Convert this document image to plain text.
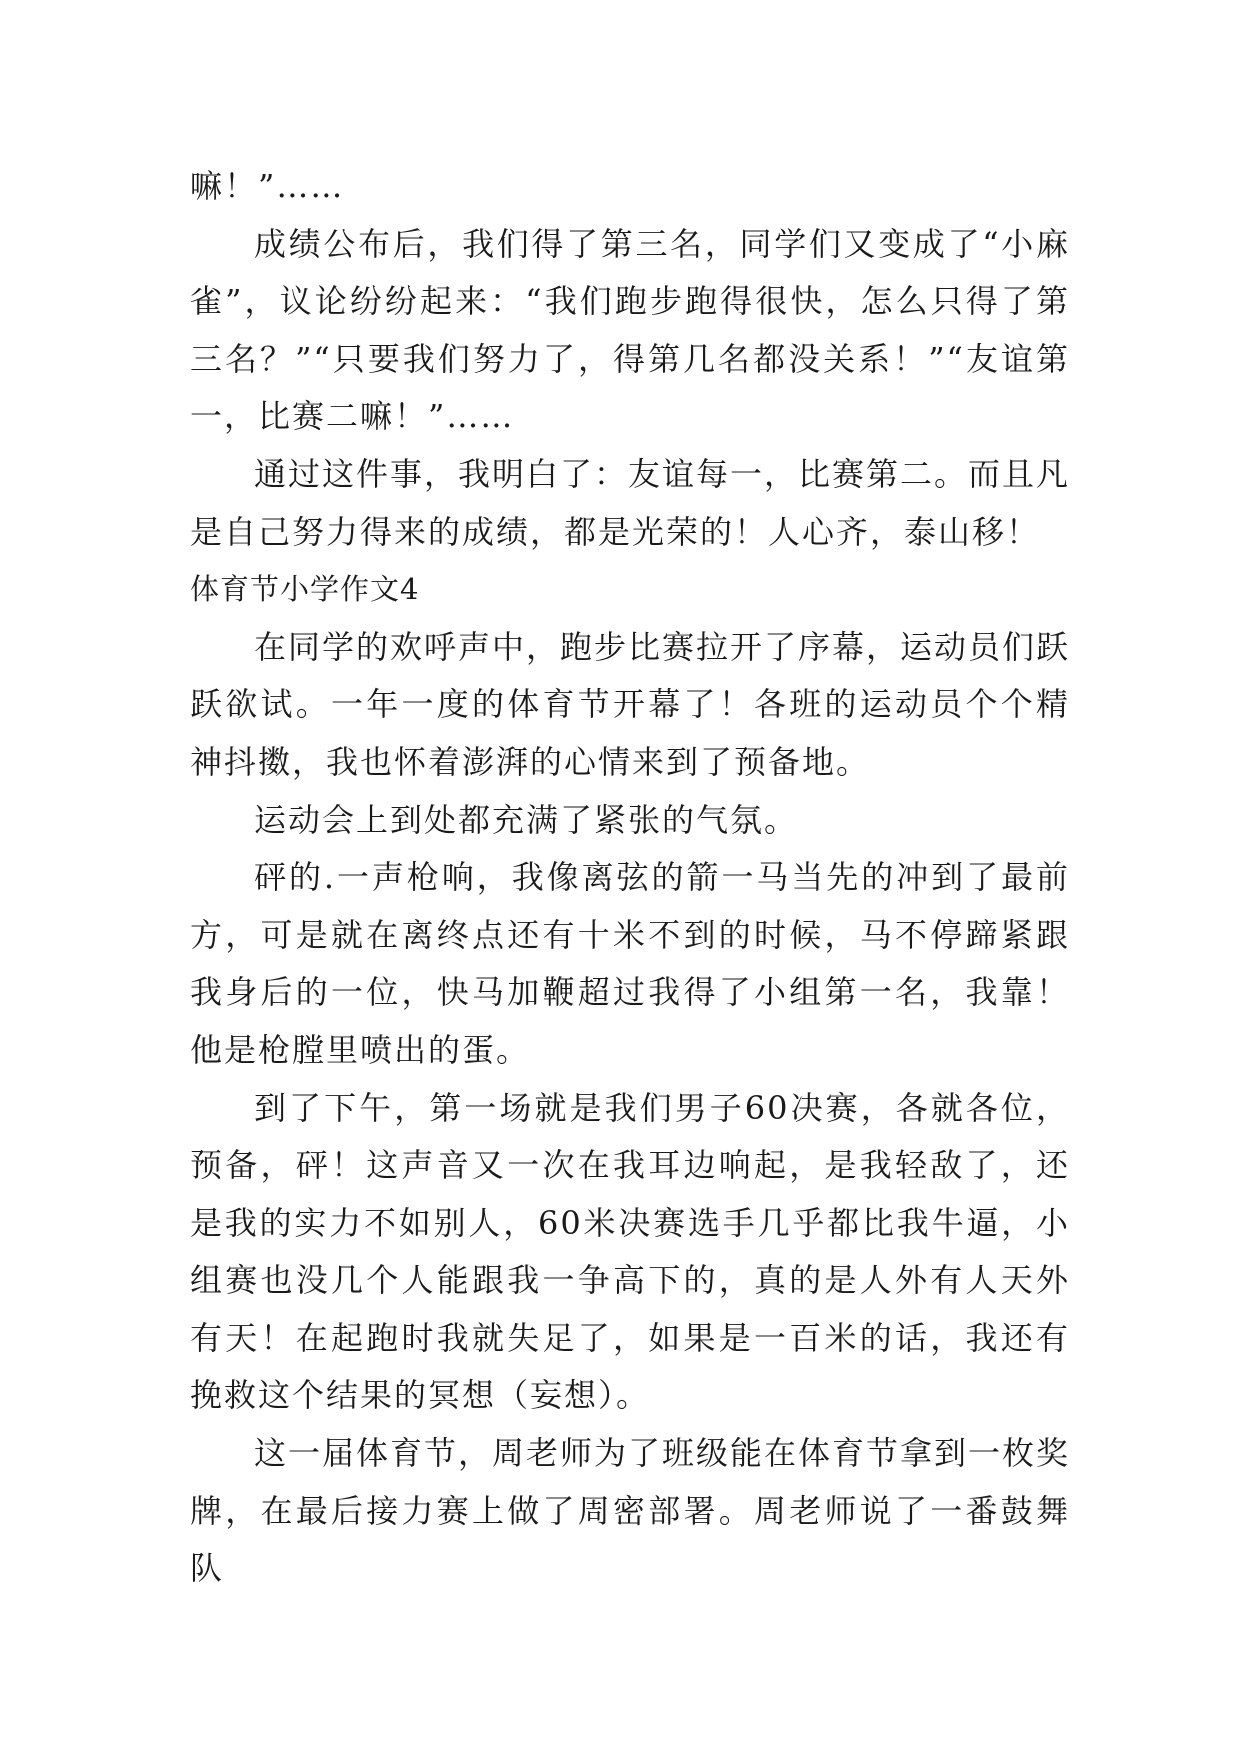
嘛！”……

成绩公布后，我们得了第三名，同学们又变成了“小麻雀”，议论纷纷起来：“我们跑步跑得很快，怎么只得了第三名？”“只要我们努力了，得第几名都没关系！”“友谊第一，比赛二嘛！”……

通过这件事，我明白了：友谊每一，比赛第二。而且凡是自己努力得来的成绩，都是光荣的！人心齐，泰山移！

体育节小学作文4

在同学的欢呼声中，跑步比赛拉开了序幕，运动员们跃跃欲试。一年一度的体育节开幕了！各班的运动员个个精神抖擞，我也怀着澎湃的心情来到了预备地。

运动会上到处都充满了紧张的气氛。

砰的.一声枪响，我像离弦的箭一马当先的冲到了最前方，可是就在离终点还有十米不到的时候，马不停蹄紧跟我身后的一位，快马加鞭超过我得了小组第一名，我靠！他是枪膛里喷出的蛋。

到了下午，第一场就是我们男子60决赛，各就各位，预备，砰！这声音又一次在我耳边响起，是我轻敌了，还是我的实力不如别人，60米决赛选手几乎都比我牛逼，小组赛也没几个人能跟我一争高下的，真的是人外有人天外有天！在起跑时我就失足了，如果是一百米的话，我还有挽救这个结果的冥想（妄想）。

这一届体育节，周老师为了班级能在体育节拿到一枚奖牌，在最后接力赛上做了周密部署。周老师说了一番鼓舞队
